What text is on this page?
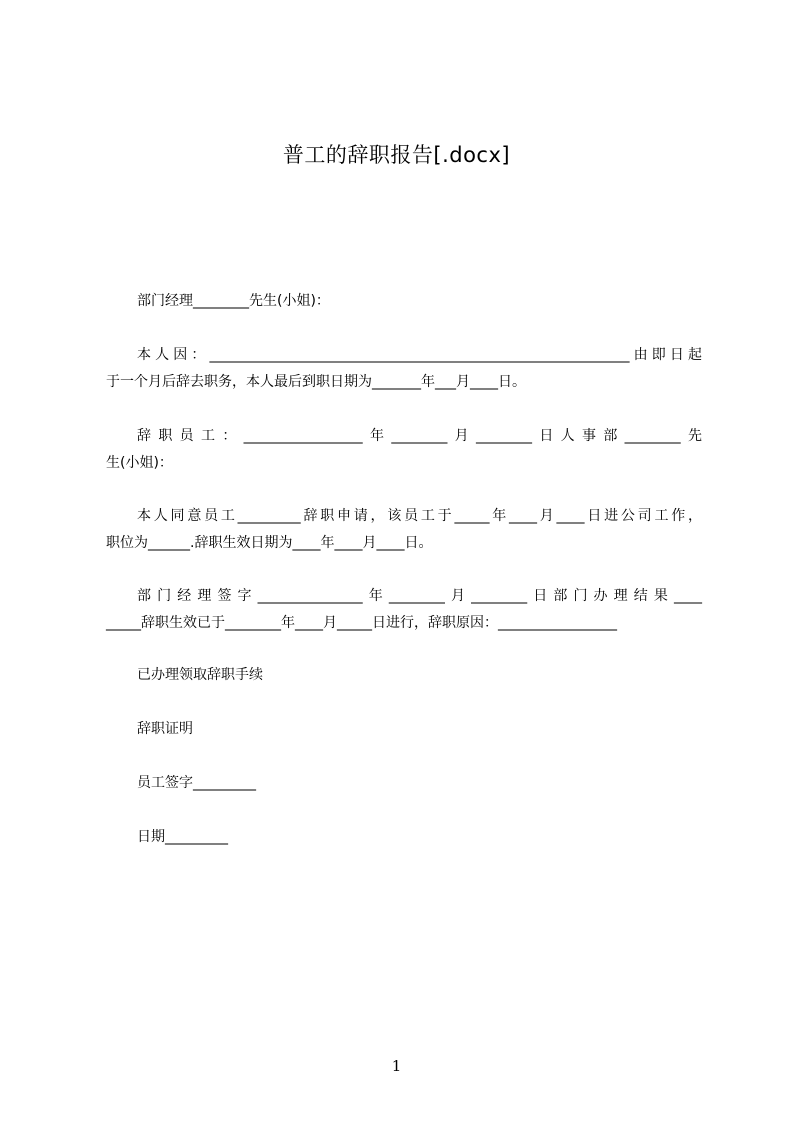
普工的辞职报告[.docx]
部门经理________先生(小姐)：
本人因：____________________________________________________________由即日起
于一个月后辞去职务，本人最后到职日期为_______年___月____日。
辞职员工：_________________年________月________日人事部________先
生(小姐)：
本人同意员工_________辞职申请，该员工于_____年____月____日进公司工作，
职位为______.辞职生效日期为____年____月____日。
部门经理签字_______________年________月________日部门办理结果____
_____辞职生效已于________年____月_____日进行，辞职原因：_________________
已办理领取辞职手续
辞职证明
员工签字_________
日期_________
1
